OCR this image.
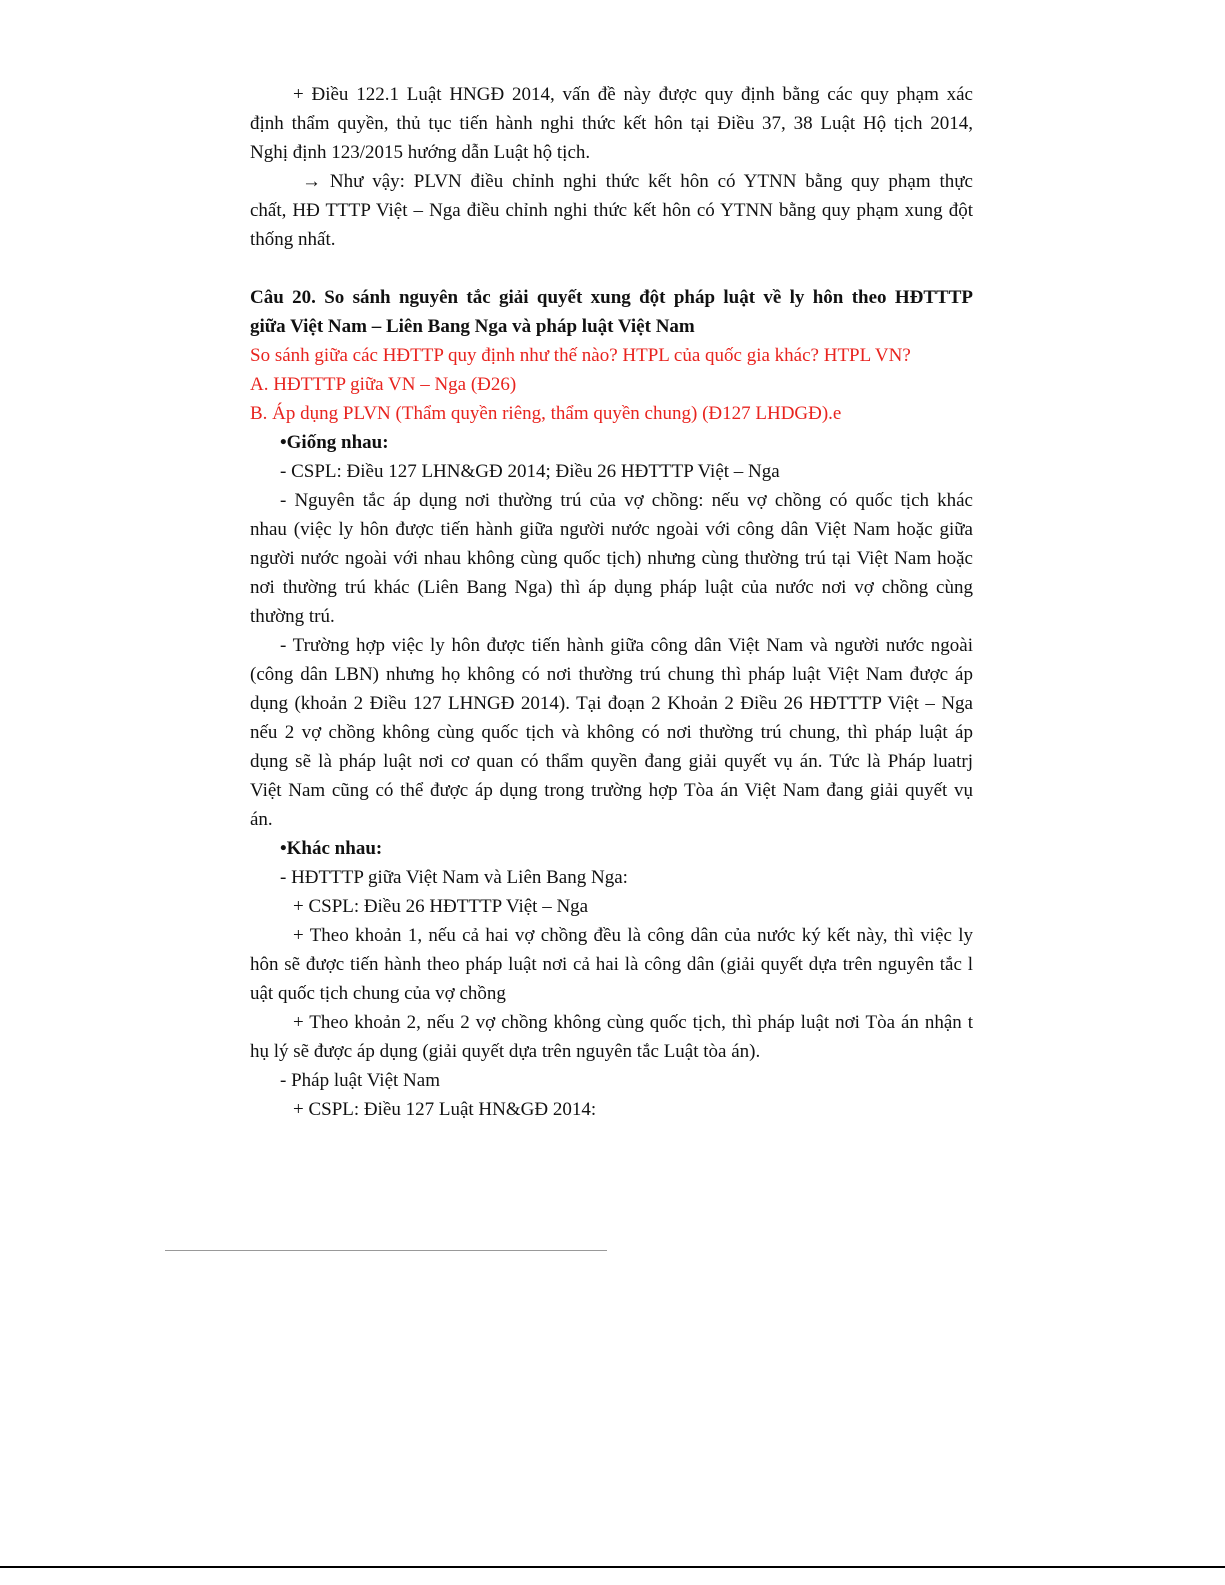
+ Điều 122.1 Luật HNGĐ 2014, vấn đề này được quy định bằng các quy phạm xác
định thẩm quyền, thủ tục tiến hành nghi thức kết hôn tại Điều 37, 38 Luật Hộ tịch 2014,
Nghị định 123/2015 hướng dẫn Luật hộ tịch.
→ Như vậy: PLVN điều chỉnh nghi thức kết hôn có YTNN bằng quy phạm thực
chất, HĐ TTTP Việt – Nga điều chỉnh nghi thức kết hôn có YTNN bằng quy phạm xung đột
thống nhất.
Câu 20. So sánh nguyên tắc giải quyết xung đột pháp luật về ly hôn theo HĐTTTP
giữa Việt Nam – Liên Bang Nga và pháp luật Việt Nam
So sánh giữa các HĐTTP quy định như thế nào? HTPL của quốc gia khác? HTPL VN?
A. HĐTTTP giữa VN – Nga (Đ26)
B. Áp dụng PLVN (Thẩm quyền riêng, thẩm quyền chung) (Đ127 LHDGĐ).e
•Giống nhau:
- CSPL: Điều 127 LHN&GĐ 2014; Điều 26 HĐTTTP Việt – Nga
- Nguyên tắc áp dụng nơi thường trú của vợ chồng: nếu vợ chồng có quốc tịch khác
nhau (việc ly hôn được tiến hành giữa người nước ngoài với công dân Việt Nam hoặc giữa
người nước ngoài với nhau không cùng quốc tịch) nhưng cùng thường trú tại Việt Nam hoặc
nơi thường trú khác (Liên Bang Nga) thì áp dụng pháp luật của nước nơi vợ chồng cùng
thường trú.
- Trường hợp việc ly hôn được tiến hành giữa công dân Việt Nam và người nước ngoài
(công dân LBN) nhưng họ không có nơi thường trú chung thì pháp luật Việt Nam được áp
dụng (khoản 2 Điều 127 LHNGĐ 2014). Tại đoạn 2 Khoản 2 Điều 26 HĐTTTP Việt – Nga
nếu 2 vợ chồng không cùng quốc tịch và không có nơi thường trú chung, thì pháp luật áp
dụng sẽ là pháp luật nơi cơ quan có thẩm quyền đang giải quyết vụ án. Tức là Pháp luatrj
Việt Nam cũng có thể được áp dụng trong trường hợp Tòa án Việt Nam đang giải quyết vụ
án.
•Khác nhau:
- HĐTTTP giữa Việt Nam và Liên Bang Nga:
+ CSPL: Điều 26 HĐTTTP Việt – Nga
+ Theo khoản 1, nếu cả hai vợ chồng đều là công dân của nước ký kết này, thì việc ly
hôn sẽ được tiến hành theo pháp luật nơi cả hai là công dân (giải quyết dựa trên nguyên tắc l
uật quốc tịch chung của vợ chồng
+ Theo khoản 2, nếu 2 vợ chồng không cùng quốc tịch, thì pháp luật nơi Tòa án nhận t
hụ lý sẽ được áp dụng (giải quyết dựa trên nguyên tắc Luật tòa án).
- Pháp luật Việt Nam
+ CSPL: Điều 127 Luật HN&GĐ 2014:
